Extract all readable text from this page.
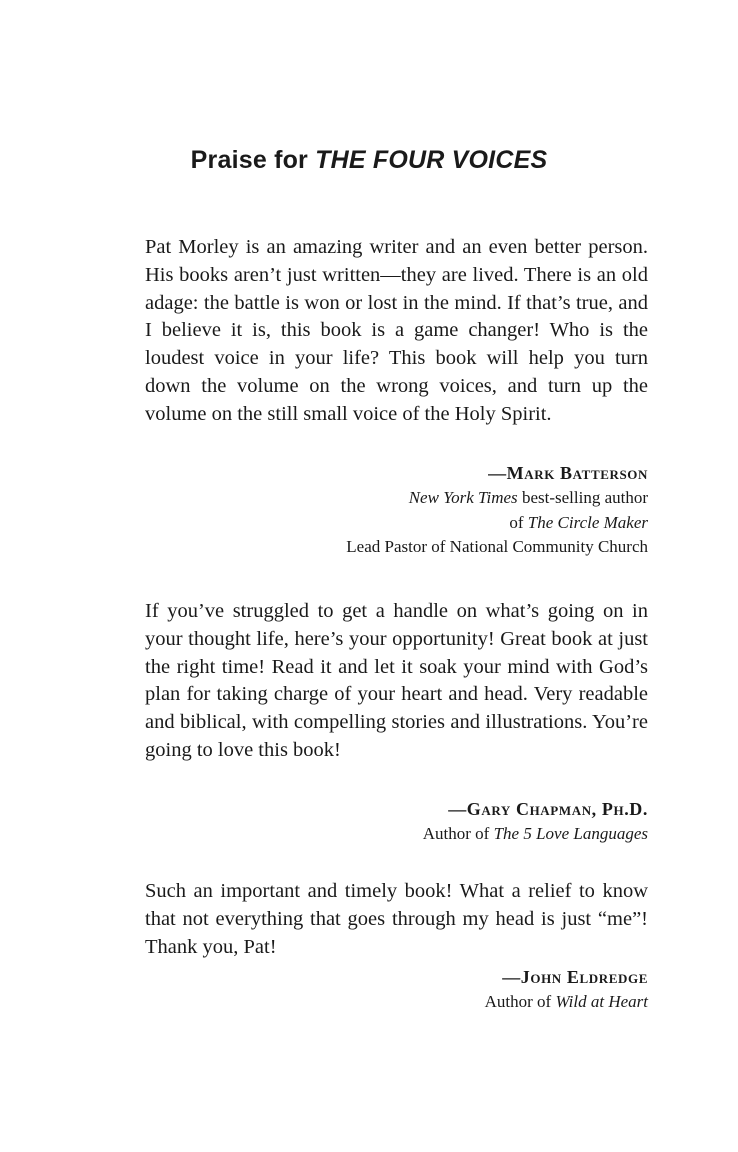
Praise for THE FOUR VOICES

Pat Morley is an amazing writer and an even better person. His books aren’t just written—they are lived. There is an old adage: the battle is won or lost in the mind. If that’s true, and I believe it is, this book is a game changer! Who is the loudest voice in your life? This book will help you turn down the volume on the wrong voices, and turn up the volume on the still small voice of the Holy Spirit.

—Mark Batterson
New York Times best-selling author
of The Circle Maker
Lead Pastor of National Community Church

If you’ve struggled to get a handle on what’s going on in your thought life, here’s your opportunity! Great book at just the right time! Read it and let it soak your mind with God’s plan for taking charge of your heart and head. Very readable and biblical, with compelling stories and illustrations. You’re going to love this book!

—Gary Chapman, Ph.D.
Author of The 5 Love Languages

Such an important and timely book! What a relief to know that not everything that goes through my head is just “me”! Thank you, Pat!

—John Eldredge
Author of Wild at Heart
